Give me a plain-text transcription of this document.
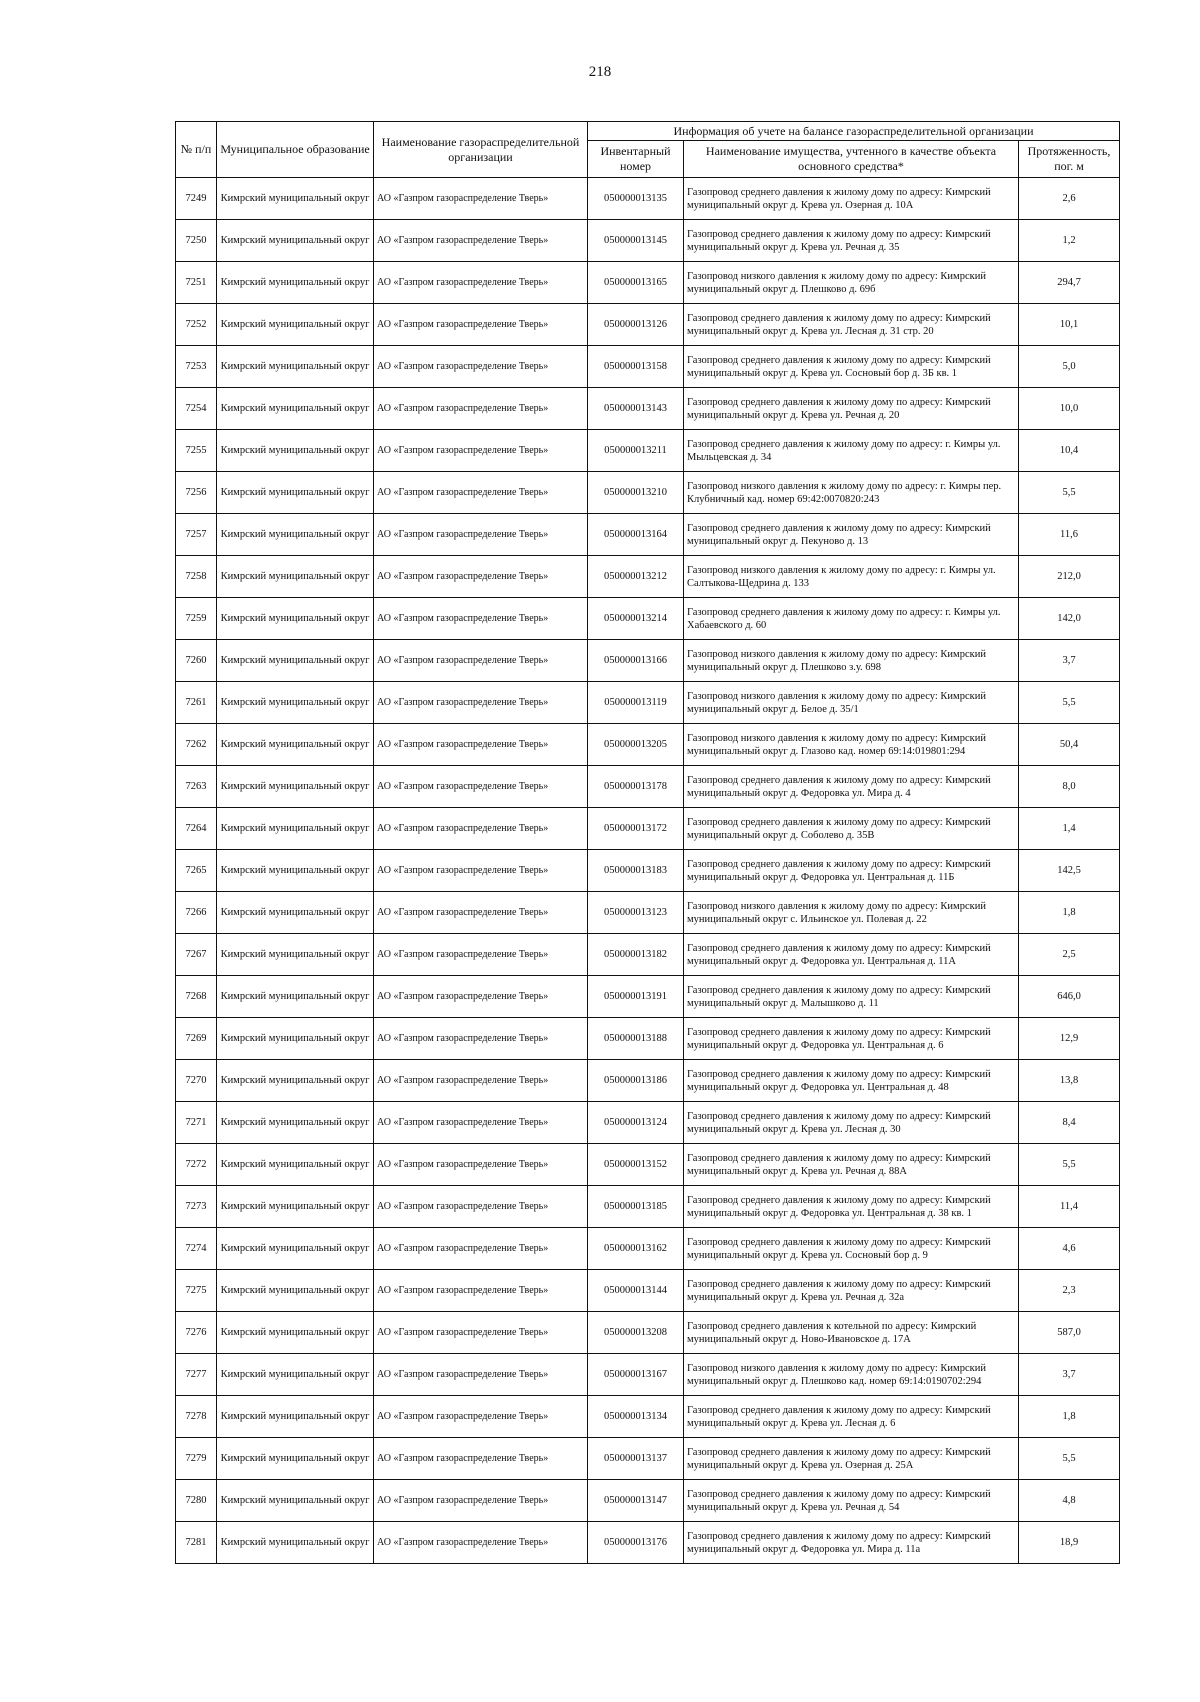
218
№ п/п	Муниципальное образование	Наименование газораспределительной организации	Информация об учете на балансе газораспределительной организации		
			Инвентарный номер	Наименование имущества, учтенного в качестве объекта основного средства*	Протяженность, пог. м
7249	Кимрский муниципальный округ	АО «Газпром газораспределение Тверь»	050000013135	Газопровод среднего давления к жилому дому по адресу: Кимрский муниципальный округ д. Крева ул. Озерная д. 10А	2,6
7250	Кимрский муниципальный округ	АО «Газпром газораспределение Тверь»	050000013145	Газопровод среднего давления к жилому дому по адресу: Кимрский муниципальный округ д. Крева ул. Речная д. 35	1,2
7251	Кимрский муниципальный округ	АО «Газпром газораспределение Тверь»	050000013165	Газопровод низкого давления к жилому дому по адресу: Кимрский муниципальный округ д. Плешково д. 69б	294,7
7252	Кимрский муниципальный округ	АО «Газпром газораспределение Тверь»	050000013126	Газопровод среднего давления к жилому дому по адресу: Кимрский муниципальный округ д. Крева ул. Лесная д. 31 стр. 20	10,1
7253	Кимрский муниципальный округ	АО «Газпром газораспределение Тверь»	050000013158	Газопровод среднего давления к жилому дому по адресу: Кимрский муниципальный округ д. Крева ул. Сосновый бор д. 3Б кв. 1	5,0
7254	Кимрский муниципальный округ	АО «Газпром газораспределение Тверь»	050000013143	Газопровод среднего давления к жилому дому по адресу: Кимрский муниципальный округ д. Крева ул. Речная д. 20	10,0
7255	Кимрский муниципальный округ	АО «Газпром газораспределение Тверь»	050000013211	Газопровод среднего давления к жилому дому по адресу: г. Кимры ул. Мыльцевская д. 34	10,4
7256	Кимрский муниципальный округ	АО «Газпром газораспределение Тверь»	050000013210	Газопровод низкого давления к жилому дому по адресу: г. Кимры пер. Клубничный кад. номер 69:42:0070820:243	5,5
7257	Кимрский муниципальный округ	АО «Газпром газораспределение Тверь»	050000013164	Газопровод среднего давления к жилому дому по адресу: Кимрский муниципальный округ д. Пекуново д. 13	11,6
7258	Кимрский муниципальный округ	АО «Газпром газораспределение Тверь»	050000013212	Газопровод низкого давления к жилому дому по адресу: г. Кимры ул. Салтыкова-Щедрина д. 133	212,0
7259	Кимрский муниципальный округ	АО «Газпром газораспределение Тверь»	050000013214	Газопровод среднего давления к жилому дому по адресу: г. Кимры ул. Хабаевского д. 60	142,0
7260	Кимрский муниципальный округ	АО «Газпром газораспределение Тверь»	050000013166	Газопровод низкого давления к жилому дому по адресу: Кимрский муниципальный округ д. Плешково з.у. 698	3,7
7261	Кимрский муниципальный округ	АО «Газпром газораспределение Тверь»	050000013119	Газопровод низкого давления к жилому дому по адресу: Кимрский муниципальный округ д. Белое д. 35/1	5,5
7262	Кимрский муниципальный округ	АО «Газпром газораспределение Тверь»	050000013205	Газопровод низкого давления к жилому дому по адресу: Кимрский муниципальный округ д. Глазово кад. номер 69:14:019801:294	50,4
7263	Кимрский муниципальный округ	АО «Газпром газораспределение Тверь»	050000013178	Газопровод среднего давления к жилому дому по адресу: Кимрский муниципальный округ д. Федоровка ул. Мира д. 4	8,0
7264	Кимрский муниципальный округ	АО «Газпром газораспределение Тверь»	050000013172	Газопровод среднего давления к жилому дому по адресу: Кимрский муниципальный округ д. Соболево д. 35В	1,4
7265	Кимрский муниципальный округ	АО «Газпром газораспределение Тверь»	050000013183	Газопровод среднего давления к жилому дому по адресу: Кимрский муниципальный округ д. Федоровка ул. Центральная д. 11Б	142,5
7266	Кимрский муниципальный округ	АО «Газпром газораспределение Тверь»	050000013123	Газопровод низкого давления к жилому дому по адресу: Кимрский муниципальный округ с. Ильинское ул. Полевая д. 22	1,8
7267	Кимрский муниципальный округ	АО «Газпром газораспределение Тверь»	050000013182	Газопровод среднего давления к жилому дому по адресу: Кимрский муниципальный округ д. Федоровка ул. Центральная д. 11А	2,5
7268	Кимрский муниципальный округ	АО «Газпром газораспределение Тверь»	050000013191	Газопровод среднего давления к жилому дому по адресу: Кимрский муниципальный округ д. Малышково д. 11	646,0
7269	Кимрский муниципальный округ	АО «Газпром газораспределение Тверь»	050000013188	Газопровод среднего давления к жилому дому по адресу: Кимрский муниципальный округ д. Федоровка ул. Центральная д. 6	12,9
7270	Кимрский муниципальный округ	АО «Газпром газораспределение Тверь»	050000013186	Газопровод среднего давления к жилому дому по адресу: Кимрский муниципальный округ д. Федоровка ул. Центральная д. 48	13,8
7271	Кимрский муниципальный округ	АО «Газпром газораспределение Тверь»	050000013124	Газопровод среднего давления к жилому дому по адресу: Кимрский муниципальный округ д. Крева ул. Лесная д. 30	8,4
7272	Кимрский муниципальный округ	АО «Газпром газораспределение Тверь»	050000013152	Газопровод среднего давления к жилому дому по адресу: Кимрский муниципальный округ д. Крева ул. Речная д. 88А	5,5
7273	Кимрский муниципальный округ	АО «Газпром газораспределение Тверь»	050000013185	Газопровод среднего давления к жилому дому по адресу: Кимрский муниципальный округ д. Федоровка ул. Центральная д. 38 кв. 1	11,4
7274	Кимрский муниципальный округ	АО «Газпром газораспределение Тверь»	050000013162	Газопровод среднего давления к жилому дому по адресу: Кимрский муниципальный округ д. Крева ул. Сосновый бор д. 9	4,6
7275	Кимрский муниципальный округ	АО «Газпром газораспределение Тверь»	050000013144	Газопровод среднего давления к жилому дому по адресу: Кимрский муниципальный округ д. Крева ул. Речная д. 32а	2,3
7276	Кимрский муниципальный округ	АО «Газпром газораспределение Тверь»	050000013208	Газопровод среднего давления к котельной по адресу: Кимрский муниципальный округ д. Ново-Ивановское д. 17А	587,0
7277	Кимрский муниципальный округ	АО «Газпром газораспределение Тверь»	050000013167	Газопровод низкого давления к жилому дому по адресу: Кимрский муниципальный округ д. Плешково кад. номер 69:14:0190702:294	3,7
7278	Кимрский муниципальный округ	АО «Газпром газораспределение Тверь»	050000013134	Газопровод среднего давления к жилому дому по адресу: Кимрский муниципальный округ д. Крева ул. Лесная д. 6	1,8
7279	Кимрский муниципальный округ	АО «Газпром газораспределение Тверь»	050000013137	Газопровод среднего давления к жилому дому по адресу: Кимрский муниципальный округ д. Крева ул. Озерная д. 25А	5,5
7280	Кимрский муниципальный округ	АО «Газпром газораспределение Тверь»	050000013147	Газопровод среднего давления к жилому дому по адресу: Кимрский муниципальный округ д. Крева ул. Речная д. 54	4,8
7281	Кимрский муниципальный округ	АО «Газпром газораспределение Тверь»	050000013176	Газопровод среднего давления к жилому дому по адресу: Кимрский муниципальный округ д. Федоровка ул. Мира д. 11а	18,9
